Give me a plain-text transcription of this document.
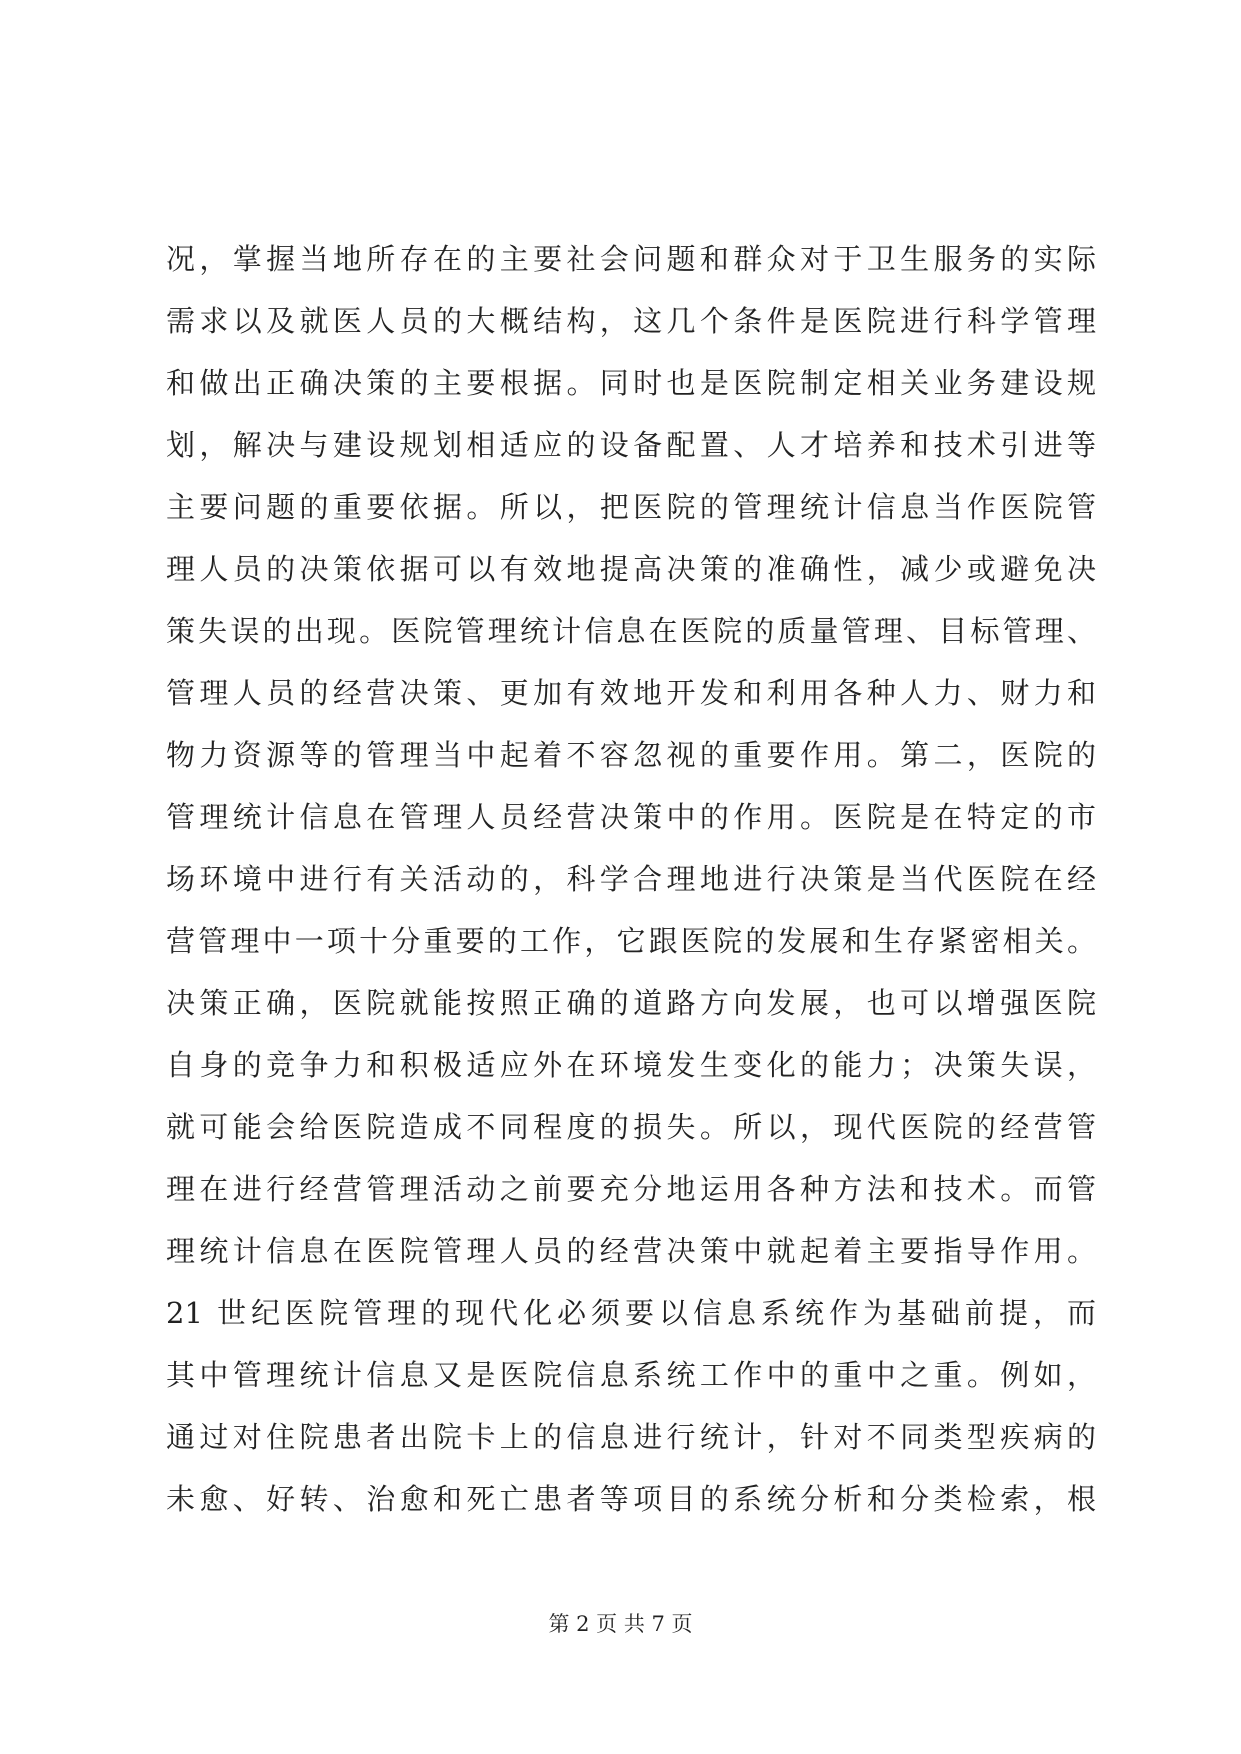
况，掌握当地所存在的主要社会问题和群众对于卫生服务的实际
需求以及就医人员的大概结构，这几个条件是医院进行科学管理
和做出正确决策的主要根据。同时也是医院制定相关业务建设规
划，解决与建设规划相适应的设备配置、人才培养和技术引进等
主要问题的重要依据。所以，把医院的管理统计信息当作医院管
理人员的决策依据可以有效地提高决策的准确性，减少或避免决
策失误的出现。医院管理统计信息在医院的质量管理、目标管理、
管理人员的经营决策、更加有效地开发和利用各种人力、财力和
物力资源等的管理当中起着不容忽视的重要作用。第二，医院的
管理统计信息在管理人员经营决策中的作用。医院是在特定的市
场环境中进行有关活动的，科学合理地进行决策是当代医院在经
营管理中一项十分重要的工作，它跟医院的发展和生存紧密相关。
决策正确，医院就能按照正确的道路方向发展，也可以增强医院
自身的竞争力和积极适应外在环境发生变化的能力；决策失误，
就可能会给医院造成不同程度的损失。所以，现代医院的经营管
理在进行经营管理活动之前要充分地运用各种方法和技术。而管
理统计信息在医院管理人员的经营决策中就起着主要指导作用。
21 世纪医院管理的现代化必须要以信息系统作为基础前提，而
其中管理统计信息又是医院信息系统工作中的重中之重。例如，
通过对住院患者出院卡上的信息进行统计，针对不同类型疾病的
未愈、好转、治愈和死亡患者等项目的系统分析和分类检索，根
第 2 页 共 7 页
